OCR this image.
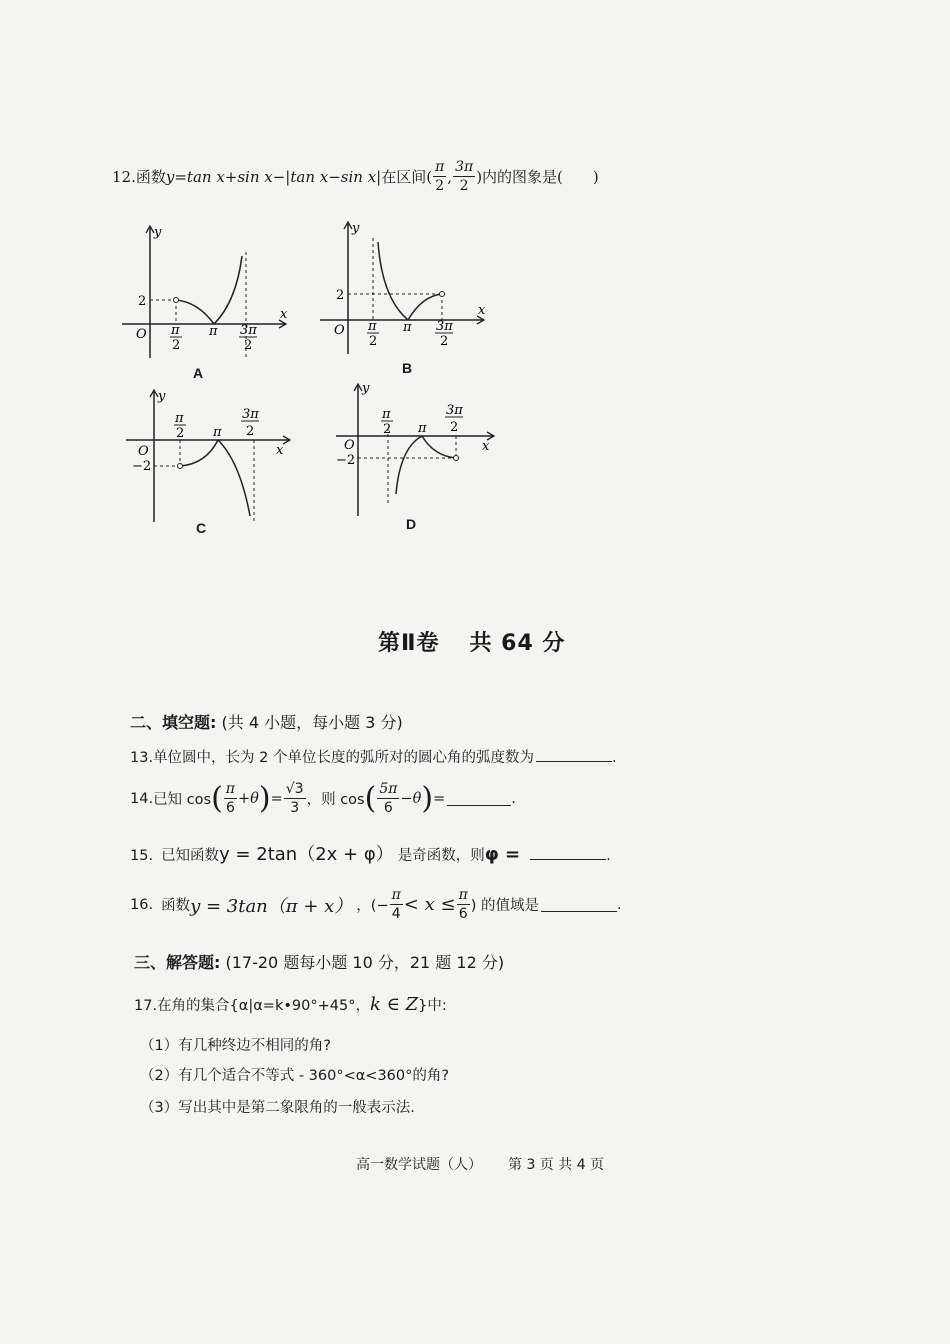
12. 函数 y=tan x+sin x−|tan x−sin x| 在区间 ( $\frac{\pi}{2}$ , $\frac{3\pi}{2}$ ) 内的图象是(　　)
y
x
O
2
π
2
π 3π
2
A
y
x
O
2
π
2
π 3π
2
B
y
x
O
−2
π
2 π
3π
2
C
y
x
O
−2
π
2 π
3π
2
D
第Ⅱ卷 共 64 分
二、填空题: (共 4 小题，每小题 3 分)
13.单位圆中，长为 2 个单位长度的弧所对的圆心角的弧度数为	.
14. 已知 cos ( $\frac{\pi}{6} +\theta$ ) = $\frac{√3}{3}$ ，则 cos ( $\frac{5\pi}{6} -\theta$ ) =	.
15. 已知函数 y = 2tan（2x + φ） 是奇函数，则 φ =	.
16. 函数 y = 3tan（π + x） ，(− $\frac{\pi}{4} < x \le \frac{\pi}{6}$ ) 的值域是	.
三、解答题: (17-20 题每小题 10 分，21 题 12 分)
17. 在角的集合{α|α=k•90°+45°， k ∈ Z }中:
（1）有几种终边不相同的角?
（2）有几个适合不等式 - 360°<α<360°的角?
（3）写出其中是第二象限角的一般表示法.
高一数学试题（人） 第 3 页 共 4 页
